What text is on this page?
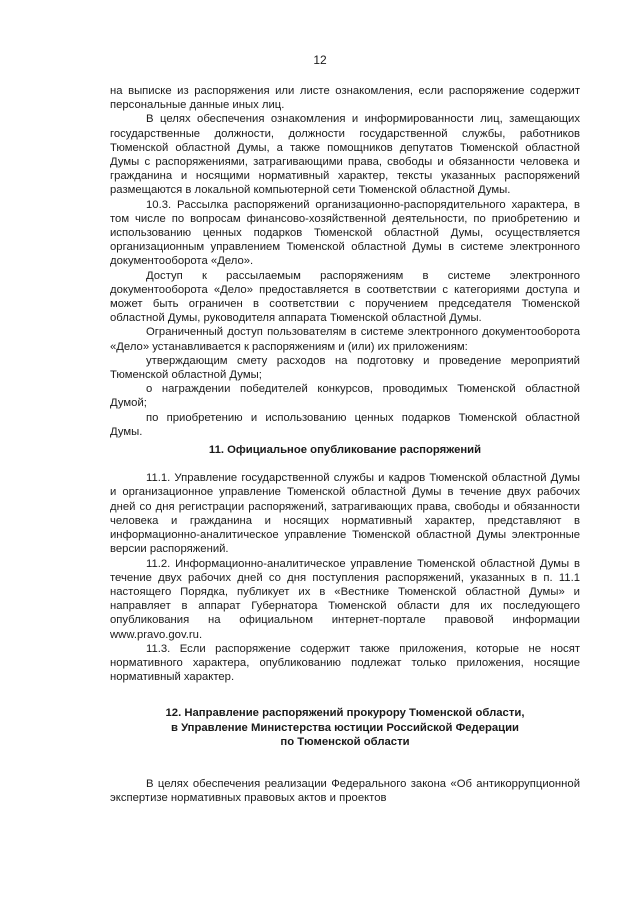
12

на выписке из распоряжения или листе ознакомления, если распоряжение содержит персональные данные иных лиц.

В целях обеспечения ознакомления и информированности лиц, замещающих государственные должности, должности государственной службы, работников Тюменской областной Думы, а также помощников депутатов Тюменской областной Думы с распоряжениями, затрагивающими права, свободы и обязанности человека и гражданина и носящими нормативный характер, тексты указанных распоряжений размещаются в локальной компьютерной сети Тюменской областной Думы.

10.3. Рассылка распоряжений организационно-распорядительного характера, в том числе по вопросам финансово-хозяйственной деятельности, по приобретению и использованию ценных подарков Тюменской областной Думы, осуществляется организационным управлением Тюменской областной Думы в системе электронного документооборота «Дело».

Доступ к рассылаемым распоряжениям в системе электронного документооборота «Дело» предоставляется в соответствии с категориями доступа и может быть ограничен в соответствии с поручением председателя Тюменской областной Думы, руководителя аппарата Тюменской областной Думы.

Ограниченный доступ пользователям в системе электронного документооборота «Дело» устанавливается к распоряжениям и (или) их приложениям:

утверждающим смету расходов на подготовку и проведение мероприятий Тюменской областной Думы;

о награждении победителей конкурсов, проводимых Тюменской областной Думой;

по приобретению и использованию ценных подарков Тюменской областной Думы.

11. Официальное опубликование распоряжений

11.1. Управление государственной службы и кадров Тюменской областной Думы и организационное управление Тюменской областной Думы в течение двух рабочих дней со дня регистрации распоряжений, затрагивающих права, свободы и обязанности человека и гражданина и носящих нормативный характер, представляют в информационно-аналитическое управление Тюменской областной Думы электронные версии распоряжений.

11.2. Информационно-аналитическое управление Тюменской областной Думы в течение двух рабочих дней со дня поступления распоряжений, указанных в п. 11.1 настоящего Порядка, публикует их в «Вестнике Тюменской областной Думы» и направляет в аппарат Губернатора Тюменской области для их последующего опубликования на официальном интернет-портале правовой информации www.pravo.gov.ru.

11.3. Если распоряжение содержит также приложения, которые не носят нормативного характера, опубликованию подлежат только приложения, носящие нормативный характер.

12. Направление распоряжений прокурору Тюменской области,

в Управление Министерства юстиции Российской Федерации

по Тюменской области

В целях обеспечения реализации Федерального закона «Об антикоррупционной экспертизе нормативных правовых актов и проектов
